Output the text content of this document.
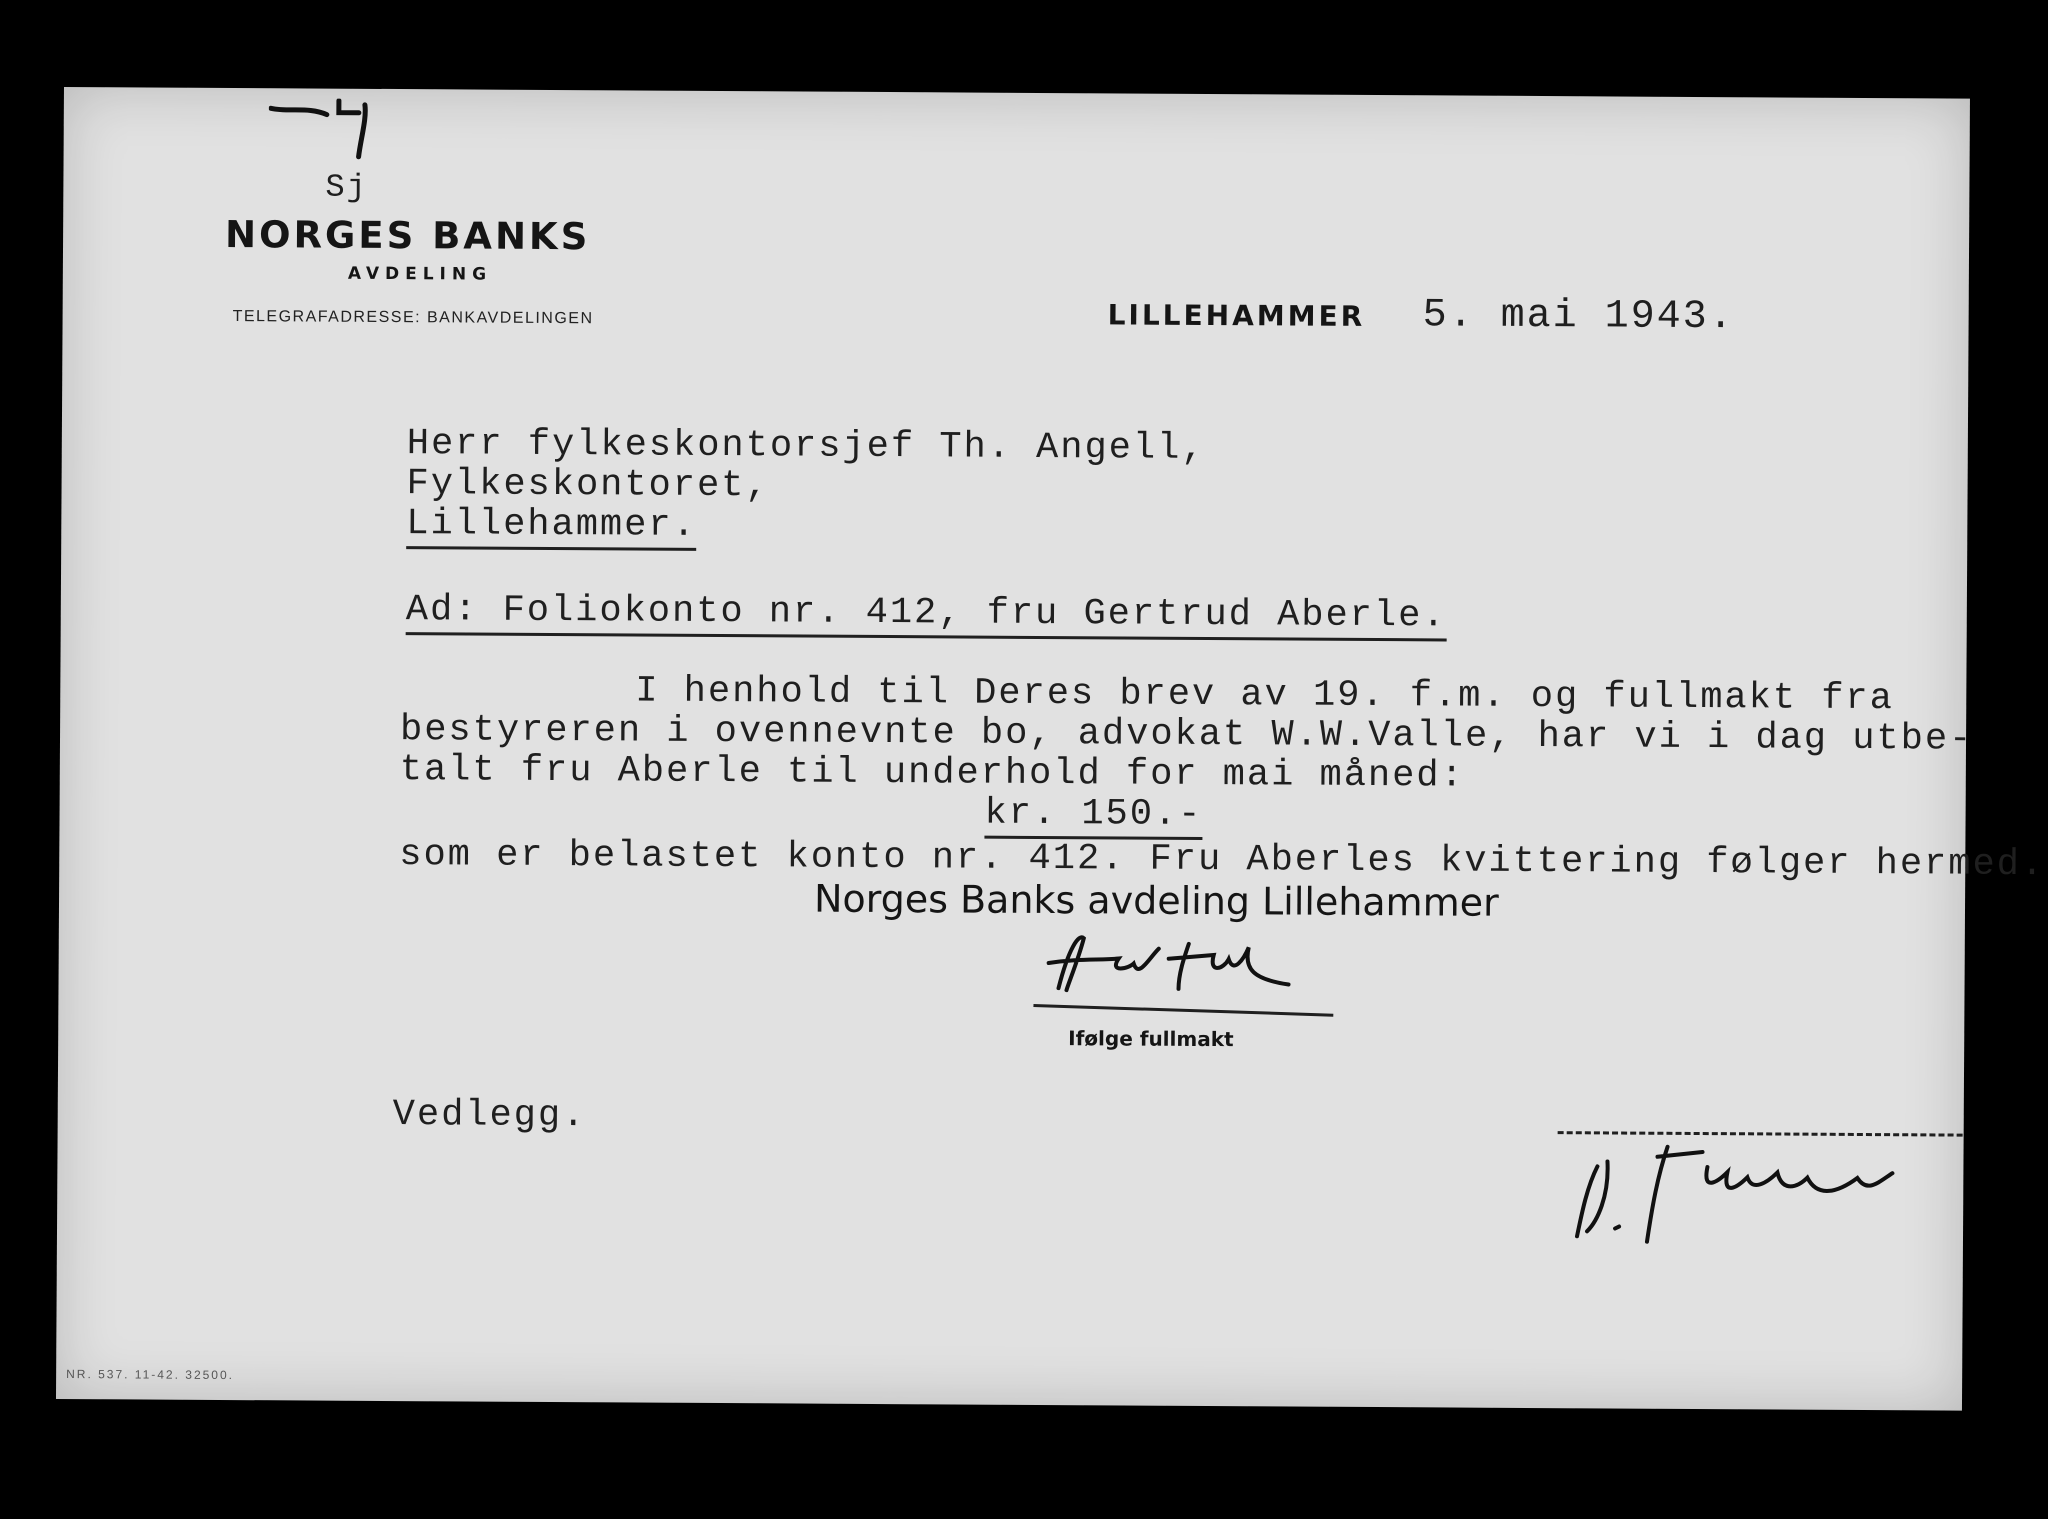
Sj
NORGES BANKS
AVDELING
TELEGRAFADRESSE: BANKAVDELINGEN	LILLEHAMMER 5. mai 1943.
Herr fylkeskontorsjef Th. Angell,
Fylkeskontoret,
Lillehammer.
Ad: Foliokonto nr. 412, fru Gertrud Aberle.
I henhold til Deres brev av 19. f.m. og fullmakt fra
bestyreren i ovennevnte bo, advokat W.W.Valle, har vi i dag utbe-
talt fru Aberle til underhold for mai måned:
kr. 150.-
som er belastet konto nr. 412. Fru Aberles kvittering følger hermed.
Norges Banks avdeling Lillehammer
Ifølge fullmakt
Vedlegg.
NR. 537. 11-42. 32500.
